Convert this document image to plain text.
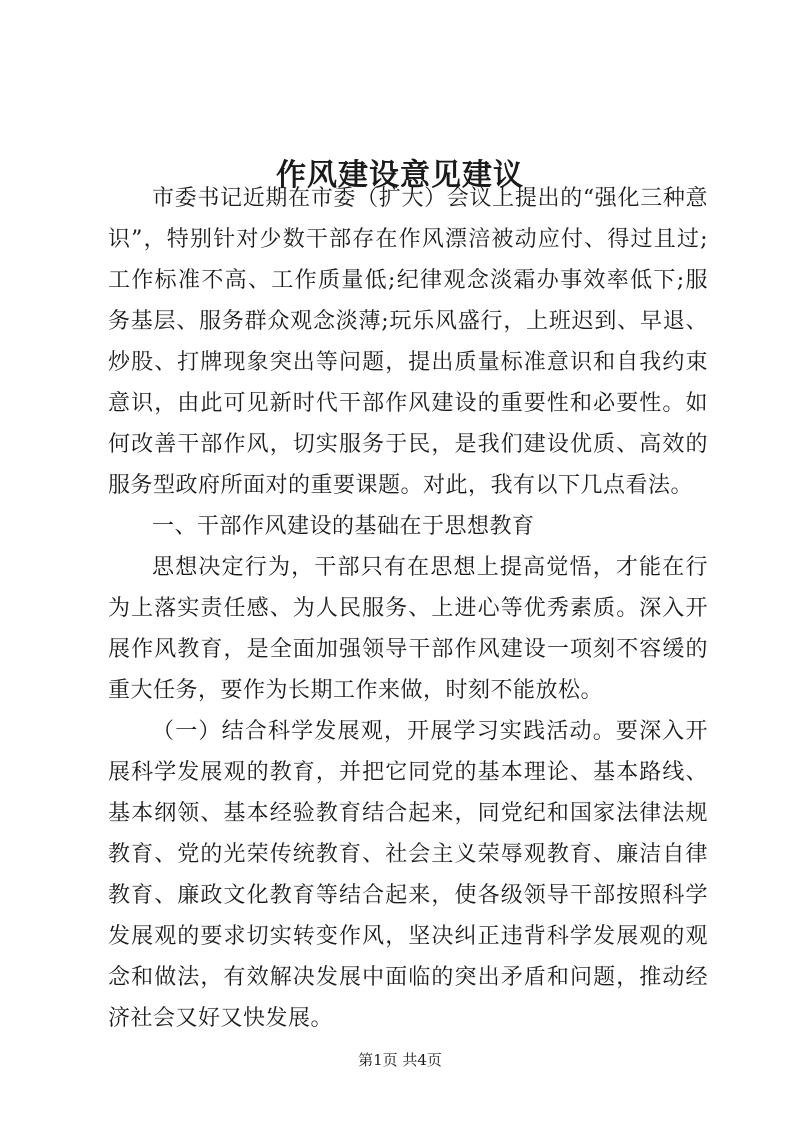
作风建设意见建议

市委书记近期在市委（扩大）会议上提出的“强化三种意识”，特别针对少数干部存在作风漂涪被动应付、得过且过;工作标准不高、工作质量低;纪律观念淡霜办事效率低下;服务基层、服务群众观念淡薄;玩乐风盛行，上班迟到、早退、炒股、打牌现象突出等问题，提出质量标准意识和自我约束意识，由此可见新时代干部作风建设的重要性和必要性。如何改善干部作风，切实服务于民，是我们建设优质、高效的服务型政府所面对的重要课题。对此，我有以下几点看法。

一、干部作风建设的基础在于思想教育

思想决定行为，干部只有在思想上提高觉悟，才能在行为上落实责任感、为人民服务、上进心等优秀素质。深入开展作风教育，是全面加强领导干部作风建设一项刻不容缓的重大任务，要作为长期工作来做，时刻不能放松。

（一）结合科学发展观，开展学习实践活动。要深入开展科学发展观的教育，并把它同党的基本理论、基本路线、基本纲领、基本经验教育结合起来，同党纪和国家法律法规教育、党的光荣传统教育、社会主义荣辱观教育、廉洁自律教育、廉政文化教育等结合起来，使各级领导干部按照科学发展观的要求切实转变作风，坚决纠正违背科学发展观的观念和做法，有效解决发展中面临的突出矛盾和问题，推动经济社会又好又快发展。

第1页 共4页
